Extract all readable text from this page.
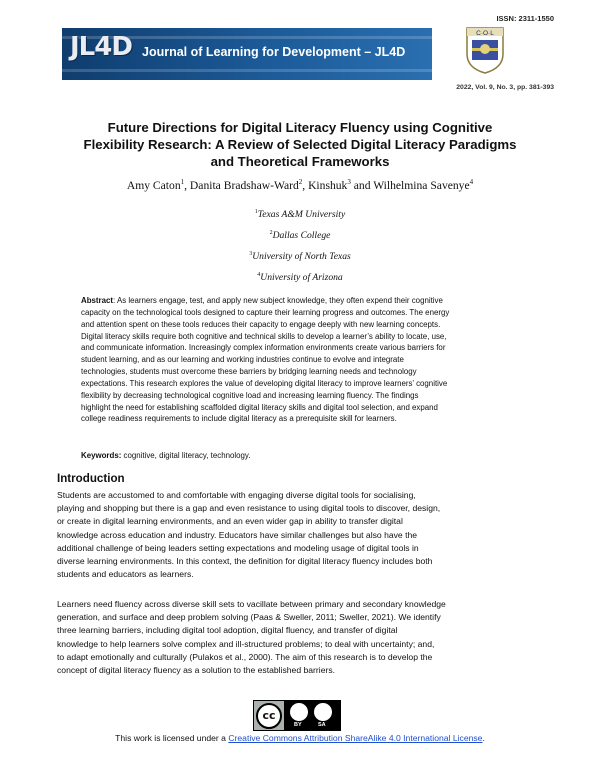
ISSN: 2311-1550
JL4D Journal of Learning for Development – JL4D
C·O·L
2022, Vol. 9, No. 3, pp. 381-393
Future Directions for Digital Literacy Fluency using Cognitive
Flexibility Research: A Review of Selected Digital Literacy Paradigms
and Theoretical Frameworks
Amy Caton$^1$, Danita Bradshaw-Ward$^2$, Kinshuk$^3$ and Wilhelmina Savenye$^4$
$^1$Texas A&M University
$^2$Dallas College
$^3$University of North Texas
$^4$University of Arizona
Abstract: As learners engage, test, and apply new subject knowledge, they often expend their cognitive
capacity on the technological tools designed to capture their learning progress and outcomes. The energy
and attention spent on these tools reduces their capacity to engage deeply with new learning concepts.
Digital literacy skills require both cognitive and technical skills to develop a learner’s ability to locate, use,
and communicate information. Increasingly complex information environments create various barriers for
student learning, and as our learning and working industries continue to evolve and integrate
technologies, students must overcome these barriers by bridging learning needs and technology
expectations. This research explores the value of developing digital literacy to improve learners’ cognitive
flexibility by decreasing technological cognitive load and increasing learning fluency. The findings
highlight the need for establishing scaffolded digital literacy skills and digital tool selection, and expand
college readiness requirements to include digital literacy as a prerequisite skill for learners.
Keywords: cognitive, digital literacy, technology.
Introduction
Students are accustomed to and comfortable with engaging diverse digital tools for socialising,
playing and shopping but there is a gap and even resistance to using digital tools to discover, design,
or create in digital learning environments, and an even wider gap in ability to transfer digital
knowledge across education and industry. Educators have similar challenges but also have the
additional challenge of being leaders setting expectations and modeling usage of digital tools in
diverse learning environments. In this context, the definition for digital literacy fluency includes both
students and educators as learners.
Learners need fluency across diverse skill sets to vacillate between primary and secondary knowledge
generation, and surface and deep problem solving (Paas & Sweller, 2011; Sweller, 2021). We identify
three learning barriers, including digital tool adoption, digital fluency, and transfer of digital
knowledge to help learners solve complex and ill-structured problems; to deal with uncertainty; and,
to adapt emotionally and culturally (Pulakos et al., 2000). The aim of this research is to develop the
concept of digital literacy fluency as a solution to the established barriers.
cc
BY	SA
This work is licensed under a Creative Commons Attribution ShareAlike 4.0 International License.
